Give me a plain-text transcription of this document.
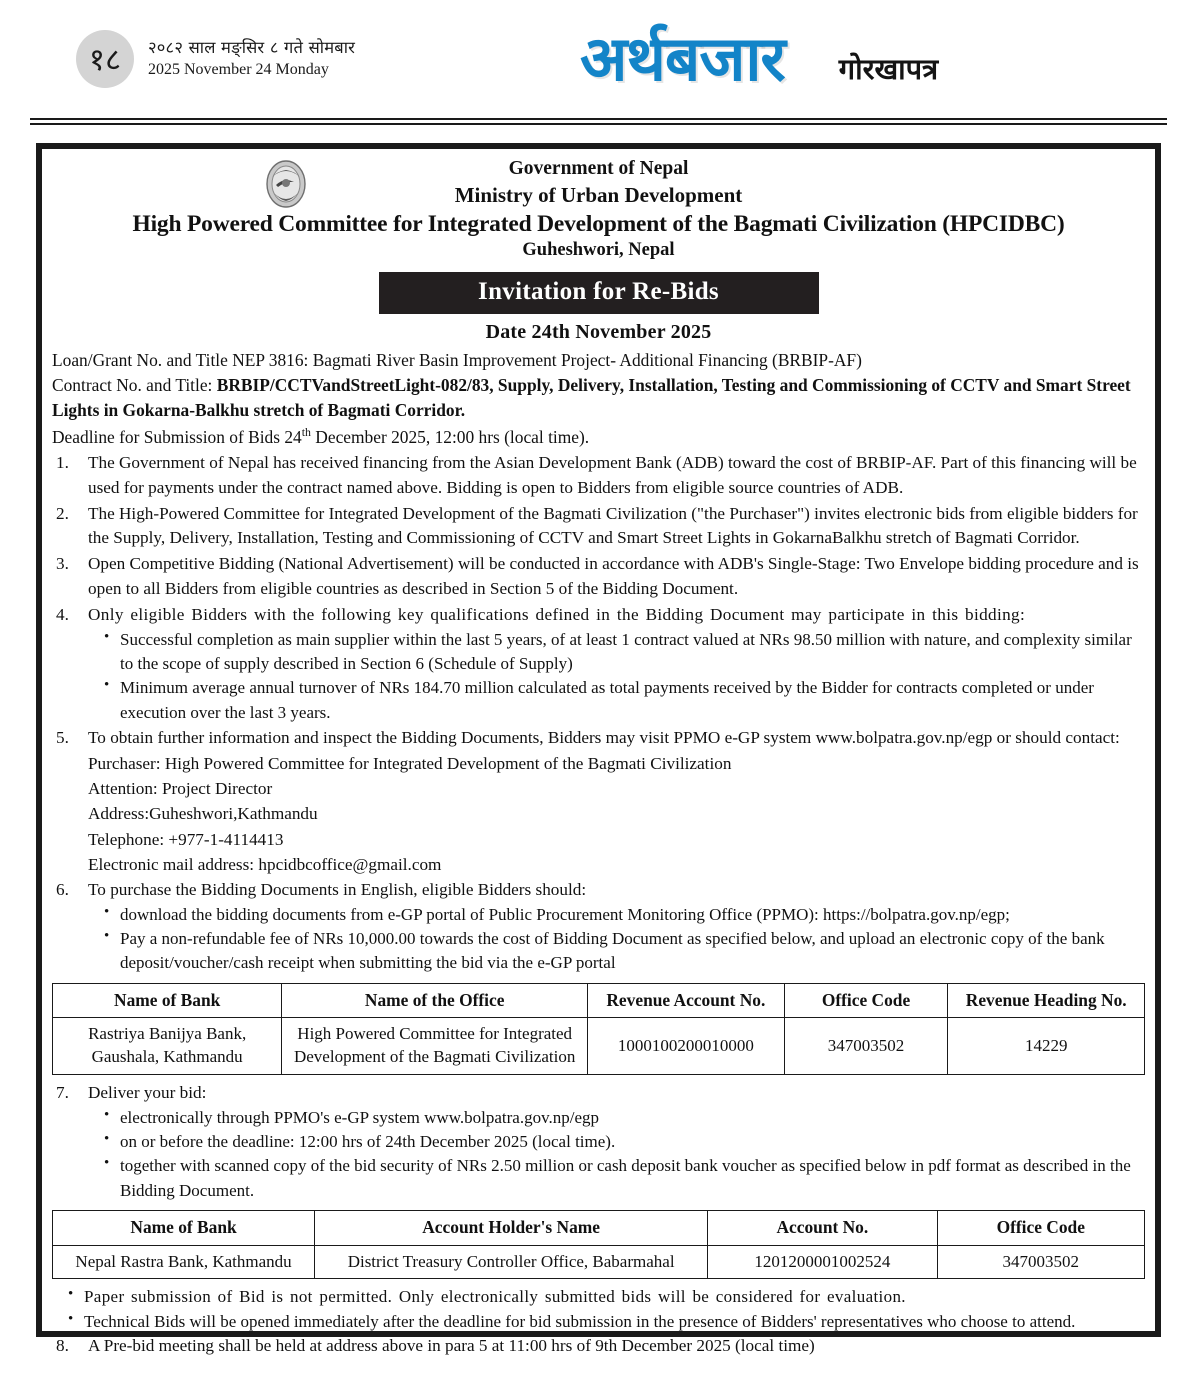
१८ २०८२ साल मङ्सिर ८ गते सोमबार
2025 November 24 Monday	अर्थबजार गोरखापत्र
Government of Nepal
Ministry of Urban Development
High Powered Committee for Integrated Development of the Bagmati Civilization (HPCIDBC)
Guheshwori, Nepal
Invitation for Re-Bids
Date 24th November 2025
Loan/Grant No. and Title NEP 3816: Bagmati River Basin Improvement Project- Additional Financing (BRBIP-AF)
Contract No. and Title: BRBIP/CCTVandStreetLight-082/83, Supply, Delivery, Installation, Testing and Commissioning of CCTV and Smart Street Lights in Gokarna-Balkhu stretch of Bagmati Corridor.
Deadline for Submission of Bids 24th December 2025, 12:00 hrs (local time).
1.	The Government of Nepal has received financing from the Asian Development Bank (ADB) toward the cost of BRBIP-AF. Part of this financing will be used for payments under the contract named above. Bidding is open to Bidders from eligible source countries of ADB.
2.	The High-Powered Committee for Integrated Development of the Bagmati Civilization ("the Purchaser") invites electronic bids from eligible bidders for the Supply, Delivery, Installation, Testing and Commissioning of CCTV and Smart Street Lights in GokarnaBalkhu stretch of Bagmati Corridor.
3.	Open Competitive Bidding (National Advertisement) will be conducted in accordance with ADB's Single-Stage: Two Envelope bidding procedure and is open to all Bidders from eligible countries as described in Section 5 of the Bidding Document.
4.	Only eligible Bidders with the following key qualifications defined in the Bidding Document may participate in this bidding:
• Successful completion as main supplier within the last 5 years, of at least 1 contract valued at NRs 98.50 million with nature, and complexity similar to the scope of supply described in Section 6 (Schedule of Supply)
• Minimum average annual turnover of NRs 184.70 million calculated as total payments received by the Bidder for contracts completed or under execution over the last 3 years.
5.	To obtain further information and inspect the Bidding Documents, Bidders may visit PPMO e-GP system www.bolpatra.gov.np/egp or should contact:
Purchaser: High Powered Committee for Integrated Development of the Bagmati Civilization
Attention: Project Director
Address:Guheshwori,Kathmandu
Telephone: +977-1-4114413
Electronic mail address: hpcidbcoffice@gmail.com
6.	To purchase the Bidding Documents in English, eligible Bidders should:
• download the bidding documents from e-GP portal of Public Procurement Monitoring Office (PPMO): https://bolpatra.gov.np/egp;
• Pay a non-refundable fee of NRs 10,000.00 towards the cost of Bidding Document as specified below, and upload an electronic copy of the bank deposit/voucher/cash receipt when submitting the bid via the e-GP portal
Name of Bank	Name of the Office	Revenue Account No.	Office Code	Revenue Heading No.
Rastriya Banijya Bank, Gaushala, Kathmandu	High Powered Committee for Integrated Development of the Bagmati Civilization	1000100200010000	347003502	14229
7.	Deliver your bid:
• electronically through PPMO's e-GP system www.bolpatra.gov.np/egp
• on or before the deadline: 12:00 hrs of 24th December 2025 (local time).
• together with scanned copy of the bid security of NRs 2.50 million or cash deposit bank voucher as specified below in pdf format as described in the Bidding Document.
Name of Bank	Account Holder's Name	Account No.	Office Code
Nepal Rastra Bank, Kathmandu	District Treasury Controller Office, Babarmahal	1201200001002524	347003502
• Paper submission of Bid is not permitted. Only electronically submitted bids will be considered for evaluation.
• Technical Bids will be opened immediately after the deadline for bid submission in the presence of Bidders' representatives who choose to attend.
8. A Pre-bid meeting shall be held at address above in para 5 at 11:00 hrs of 9th December 2025 (local time)
